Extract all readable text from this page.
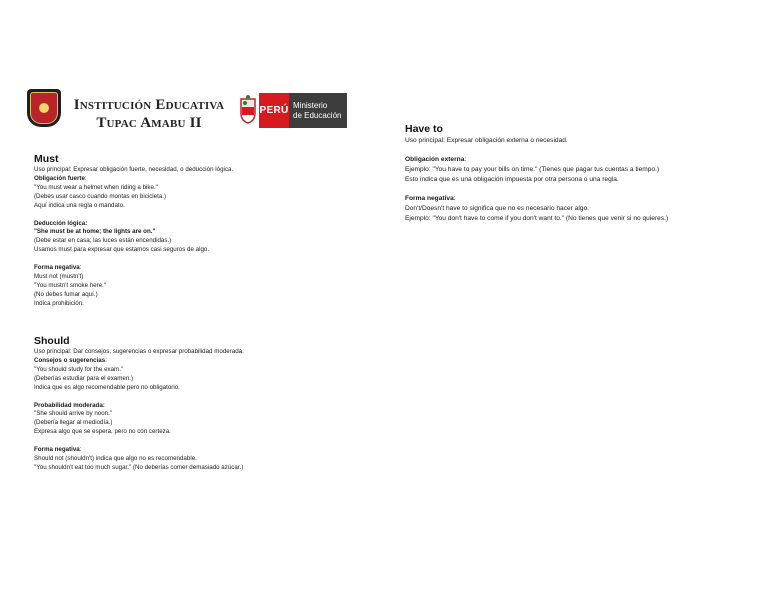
Institución Educativa
Tupac Amabu II
PERÚ Ministerio
de Educación
Must
Uso principal: Expresar obligación fuerte, necesidad, o deducción lógica.
Obligación fuerte:
"You must wear a helmet when riding a bike."
(Debes usar casco cuando montas en bicicleta.)
Aquí indica una regla o mandato.
Deducción lógica:
"She must be at home; the lights are on."
(Debe estar en casa; las luces están encendidas.)
Usamos must para expresar que estamos casi seguros de algo.
Forma negativa:
Must not (mustn't)
"You mustn't smoke here."
(No debes fumar aquí.)
Indica prohibición.
Should
Uso principal: Dar consejos, sugerencias o expresar probabilidad moderada.
Consejos o sugerencias:
"You should study for the exam."
(Deberías estudiar para el examen.)
Indica que es algo recomendable pero no obligatorio.
Probabilidad moderada:
"She should arrive by noon."
(Debería llegar al mediodía.)
Expresa algo que se espera, pero no con certeza.
Forma negativa:
Should not (shouldn't) indica que algo no es recomendable.
"You shouldn't eat too much sugar." (No deberías comer demasiado azúcar.)
Have to
Uso principal: Expresar obligación externa o necesidad.
Obligación externa:
Ejemplo: "You have to pay your bills on time." (Tienes que pagar tus cuentas a tiempo.)
Esto indica que es una obligación impuesta por otra persona o una regla.
Forma negativa:
Don't/Doesn't have to significa que no es necesario hacer algo.
Ejemplo: "You don't have to come if you don't want to." (No tienes que venir si no quieres.)
